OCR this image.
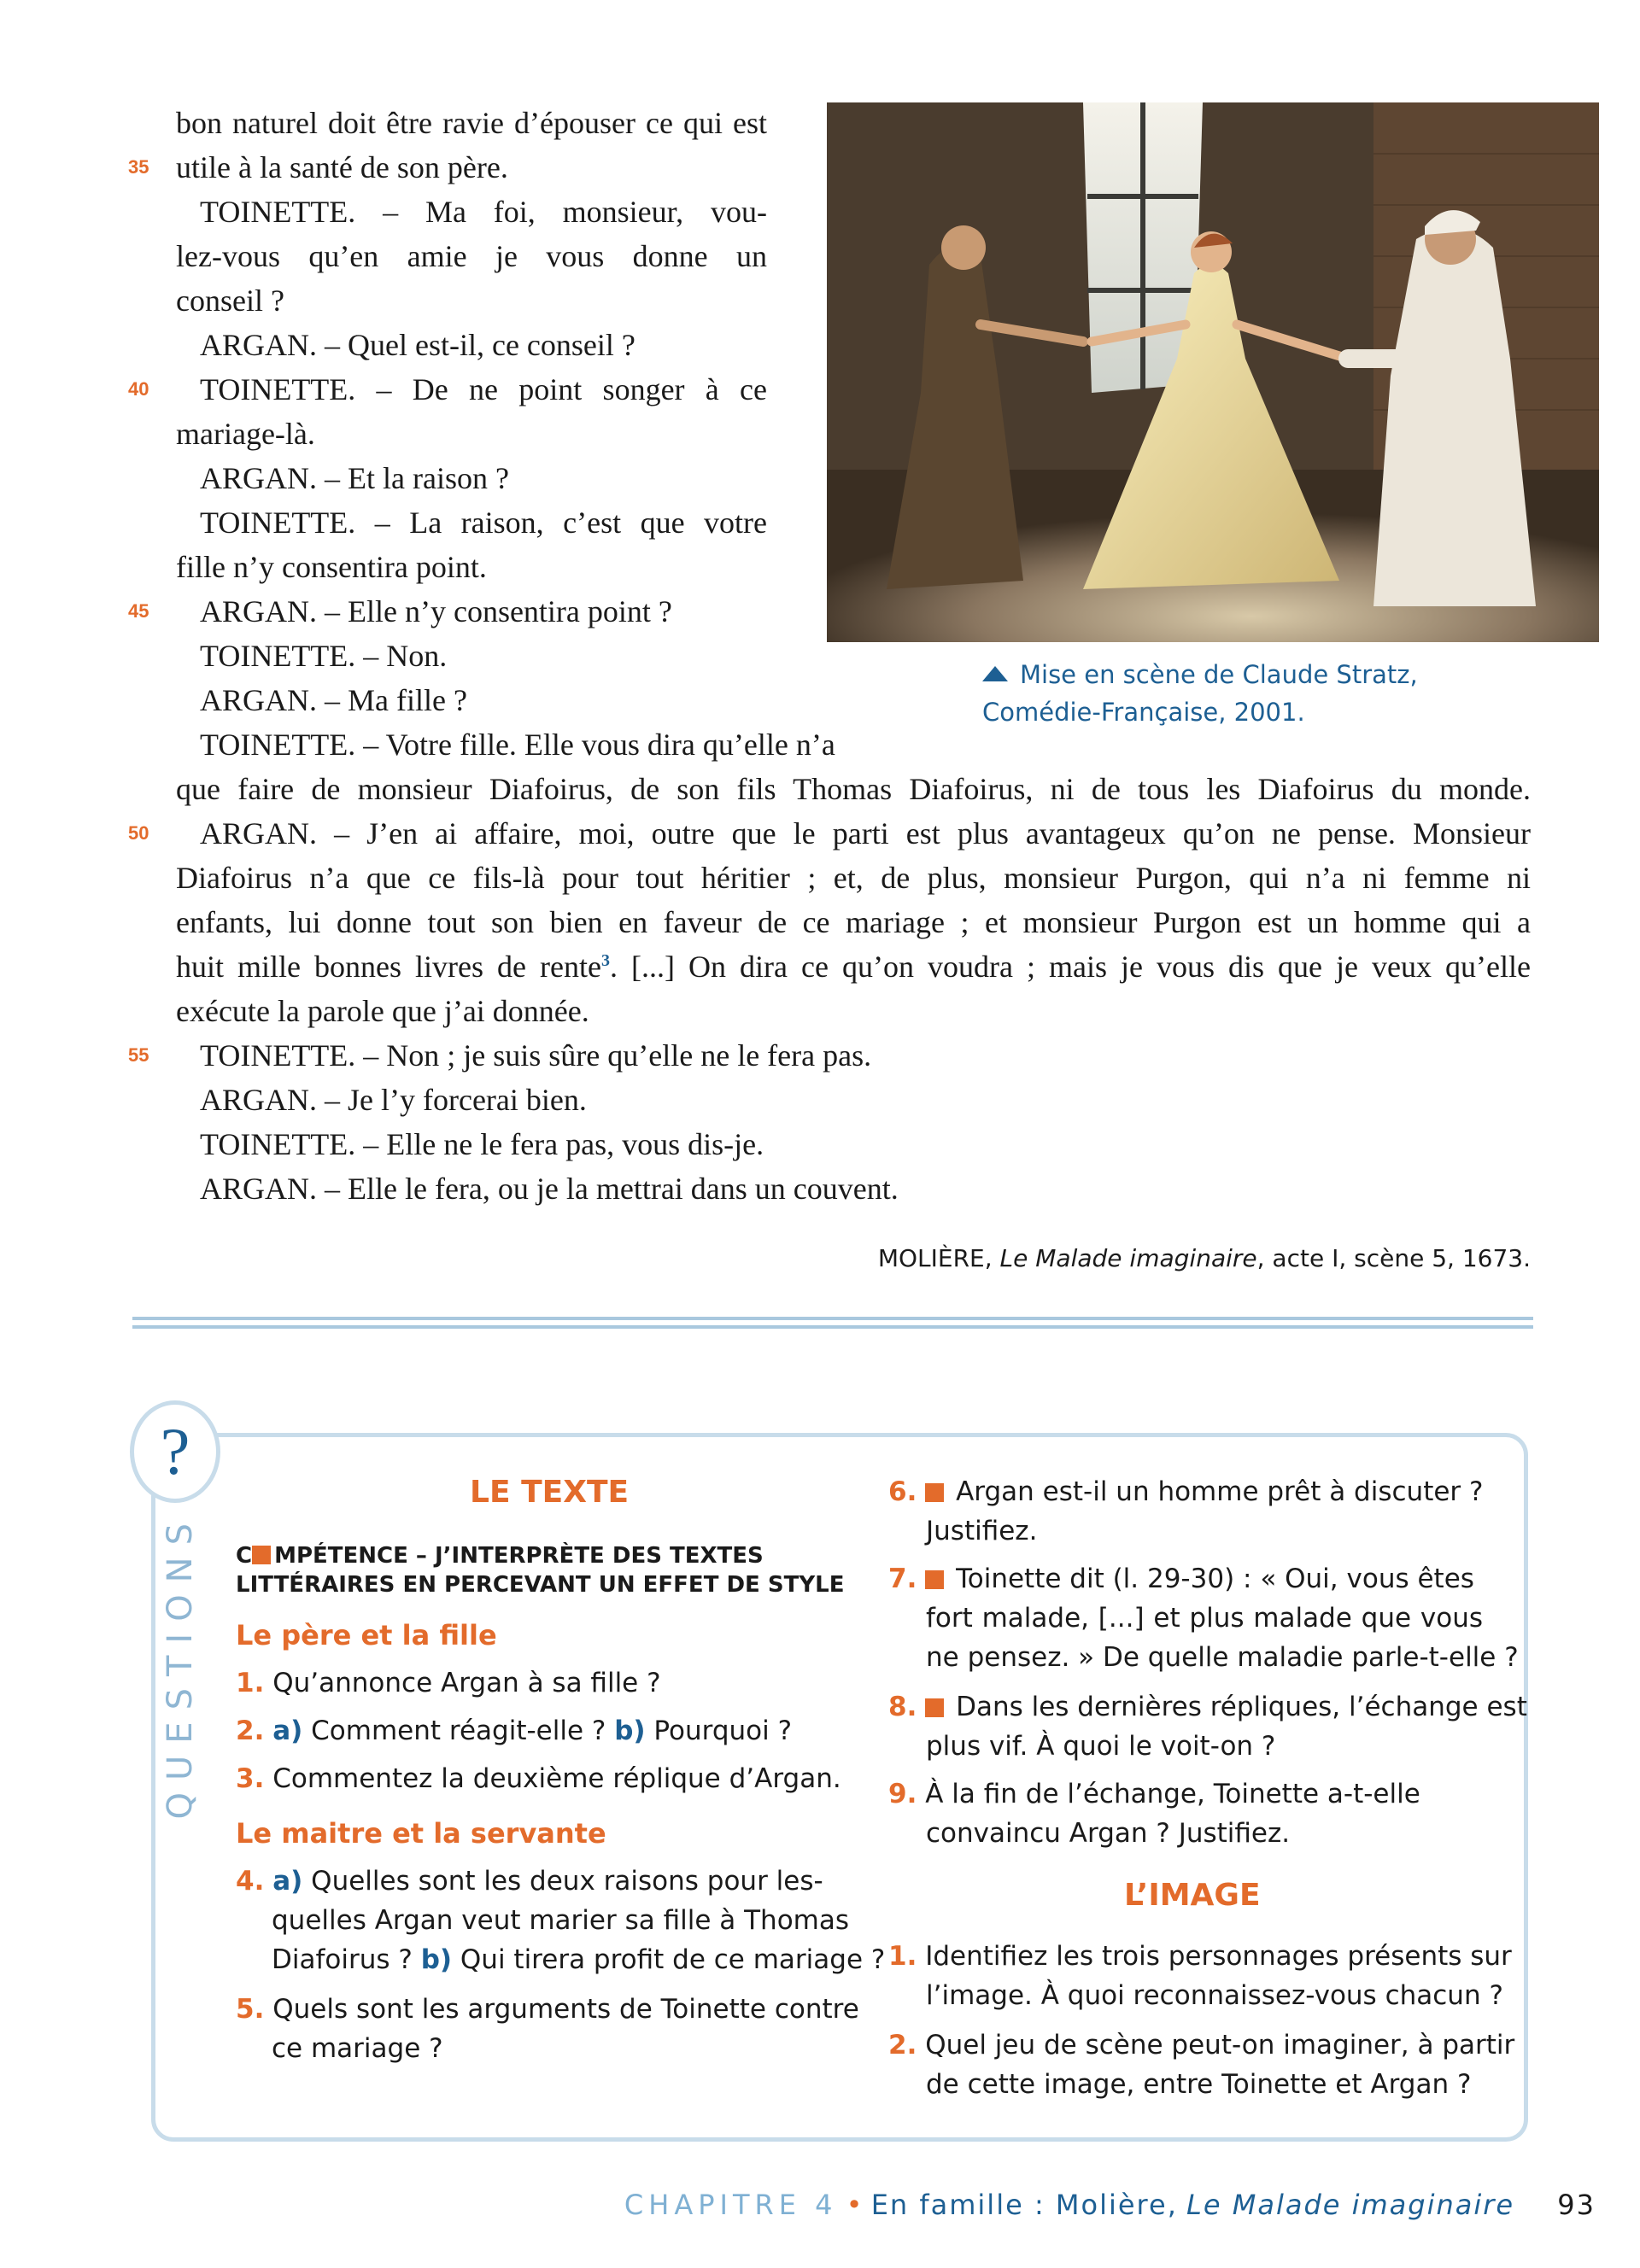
bon naturel doit être ravie d’épouser ce qui est
35 utile à la santé de son père.
TOINETTE. – Ma foi, monsieur, vou-
lez-vous qu’en amie je vous donne un
conseil ?
ARGAN. – Quel est-il, ce conseil ?
40 TOINETTE. – De ne point songer à ce
mariage-là.
ARGAN. – Et la raison ?
TOINETTE. – La raison, c’est que votre
fille n’y consentira point.
45 ARGAN. – Elle n’y consentira point ?
TOINETTE. – Non.
ARGAN. – Ma fille ?
TOINETTE. – Votre fille. Elle vous dira qu’elle n’a
que faire de monsieur Diafoirus, de son fils Thomas Diafoirus, ni de tous les Diafoirus du monde.
50 ARGAN. – J’en ai affaire, moi, outre que le parti est plus avantageux qu’on ne pense. Monsieur
Diafoirus n’a que ce fils-là pour tout héritier ; et, de plus, monsieur Purgon, qui n’a ni femme ni
enfants, lui donne tout son bien en faveur de ce mariage ; et monsieur Purgon est un homme qui a
huit mille bonnes livres de rente$^3$. [...] On dira ce qu’on voudra ; mais je vous dis que je veux qu’elle
exécute la parole que j’ai donnée.
55 TOINETTE. – Non ; je suis sûre qu’elle ne le fera pas.
ARGAN. – Je l’y forcerai bien.
TOINETTE. – Elle ne le fera pas, vous dis-je.
ARGAN. – Elle le fera, ou je la mettrai dans un couvent.
Mise en scène de Claude Stratz,
Comédie-Française, 2001.
MOLIÈRE, Le Malade imaginaire, acte I, scène 5, 1673.
?
QUESTIONS
LE TEXTE
C MPÉTENCE – J’INTERPRÈTE DES TEXTES
LITTÉRAIRES EN PERCEVANT UN EFFET DE STYLE
Le père et la fille
1. Qu’annonce Argan à sa fille ?
2. a) Comment réagit-elle ? b) Pourquoi ?
3. Commentez la deuxième réplique d’Argan.
Le maitre et la servante
4. a) Quelles sont les deux raisons pour les-
quelles Argan veut marier sa fille à Thomas
Diafoirus ? b) Qui tirera profit de ce mariage ?
5. Quels sont les arguments de Toinette contre
ce mariage ?
6.  Argan est-il un homme prêt à discuter ?
Justifiez.
7.  Toinette dit (l. 29-30) : « Oui, vous êtes
fort malade, [...] et plus malade que vous
ne pensez. » De quelle maladie parle-t-elle ?
8.  Dans les dernières répliques, l’échange est
plus vif. À quoi le voit-on ?
9. À la fin de l’échange, Toinette a-t-elle
convaincu Argan ? Justifiez.
L’IMAGE
1. Identifiez les trois personnages présents sur
l’image. À quoi reconnaissez-vous chacun ?
2. Quel jeu de scène peut-on imaginer, à partir
de cette image, entre Toinette et Argan ?
CHAPITRE 4 • En famille : Molière, Le Malade imaginaire 93
